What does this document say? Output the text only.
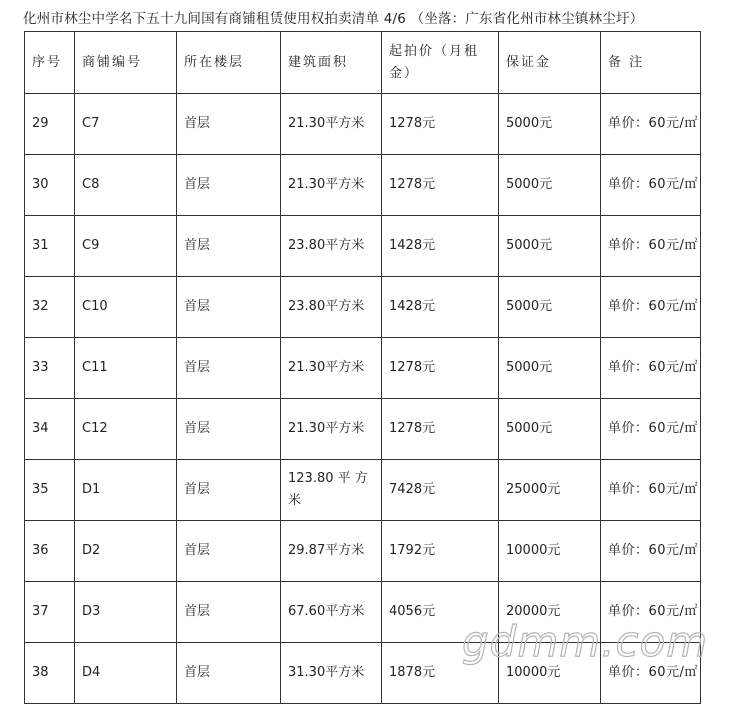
化州市林尘中学名下五十九间国有商铺租赁使用权拍卖清单 4/6 （坐落：广东省化州市林尘镇林尘圩）
序号	商铺编号	所在楼层	建筑面积	起拍价（月租金）	保证金	备 注
29	C7	首层	21.30平方米	1278元	5000元	单价：60元/㎡
30	C8	首层	21.30平方米	1278元	5000元	单价：60元/㎡
31	C9	首层	23.80平方米	1428元	5000元	单价：60元/㎡
32	C10	首层	23.80平方米	1428元	5000元	单价：60元/㎡
33	C11	首层	21.30平方米	1278元	5000元	单价：60元/㎡
34	C12	首层	21.30平方米	1278元	5000元	单价：60元/㎡
35	D1	首层	123.80 平 方 米	7428元	25000元	单价：60元/㎡
36	D2	首层	29.87平方米	1792元	10000元	单价：60元/㎡
37	D3	首层	67.60平方米	4056元	20000元	单价：60元/㎡
38	D4	首层	31.30平方米	1878元	10000元	单价：60元/㎡
gdmm.com
